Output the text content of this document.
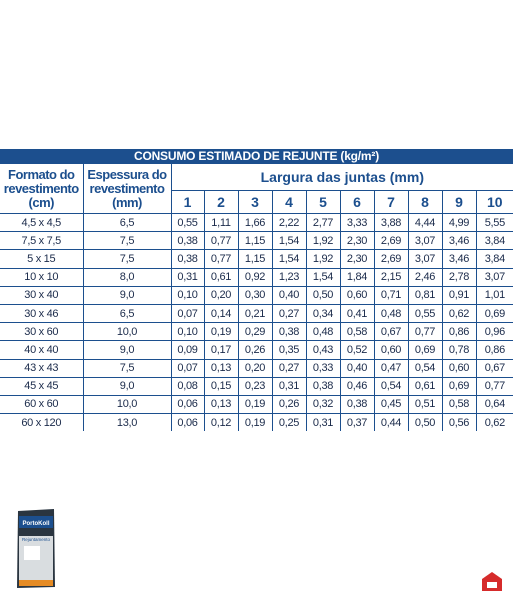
CONSUMO ESTIMADO DE REJUNTE (kg/m²)
Formato do
revestimento
(cm)	Espessura do
revestimento
(mm)	Largura das juntas (mm)									
		1	2	3	4	5	6	7	8	9	10
4,5 x 4,5	6,5	0,55	1,11	1,66	2,22	2,77	3,33	3,88	4,44	4,99	5,55
7,5 x 7,5	7,5	0,38	0,77	1,15	1,54	1,92	2,30	2,69	3,07	3,46	3,84
5 x 15	7,5	0,38	0,77	1,15	1,54	1,92	2,30	2,69	3,07	3,46	3,84
10 x 10	8,0	0,31	0,61	0,92	1,23	1,54	1,84	2,15	2,46	2,78	3,07
30 x 40	9,0	0,10	0,20	0,30	0,40	0,50	0,60	0,71	0,81	0,91	1,01
30 x 46	6,5	0,07	0,14	0,21	0,27	0,34	0,41	0,48	0,55	0,62	0,69
30 x 60	10,0	0,10	0,19	0,29	0,38	0,48	0,58	0,67	0,77	0,86	0,96
40 x 40	9,0	0,09	0,17	0,26	0,35	0,43	0,52	0,60	0,69	0,78	0,86
43 x 43	7,5	0,07	0,13	0,20	0,27	0,33	0,40	0,47	0,54	0,60	0,67
45 x 45	9,0	0,08	0,15	0,23	0,31	0,38	0,46	0,54	0,61	0,69	0,77
60 x 60	10,0	0,06	0,13	0,19	0,26	0,32	0,38	0,45	0,51	0,58	0,64
60 x 120	13,0	0,06	0,12	0,19	0,25	0,31	0,37	0,44	0,50	0,56	0,62
PortoKoll
Rejuntamento
